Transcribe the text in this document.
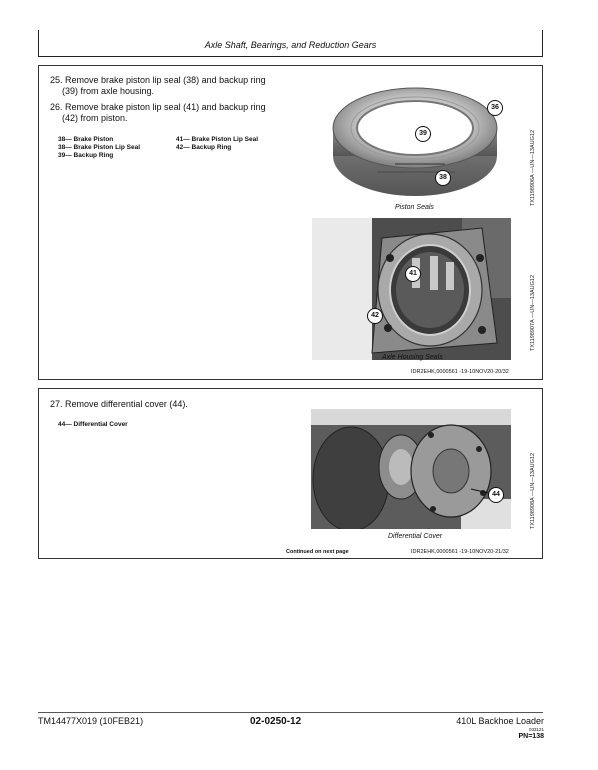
Axle Shaft, Bearings, and Reduction Gears
25. Remove brake piston lip seal (38) and backup ring
(39) from axle housing.
26. Remove brake piston lip seal (41) and backup ring
(42) from piston.
38— Brake Piston
38— Brake Piston Lip Seal
39— Backup Ring
41— Brake Piston Lip Seal
42— Backup Ring
36
39
38
Piston Seals
TX1198906A —UN—13AUG12
41
42
Axle Housing Seals
TX1198907A —UN—13AUG12
IDR2EHK,0000561 -19-10NOV20-20/32
27. Remove differential cover (44).
44— Differential Cover
44
Differential Cover
TX1198908A —UN—13AUG12
Continued on next page	IDR2EHK,0000561 -19-10NOV20-21/32
TM14477X019 (10FEB21)	02-0250-12	410L Backhoe Loader
033121
PN=138
